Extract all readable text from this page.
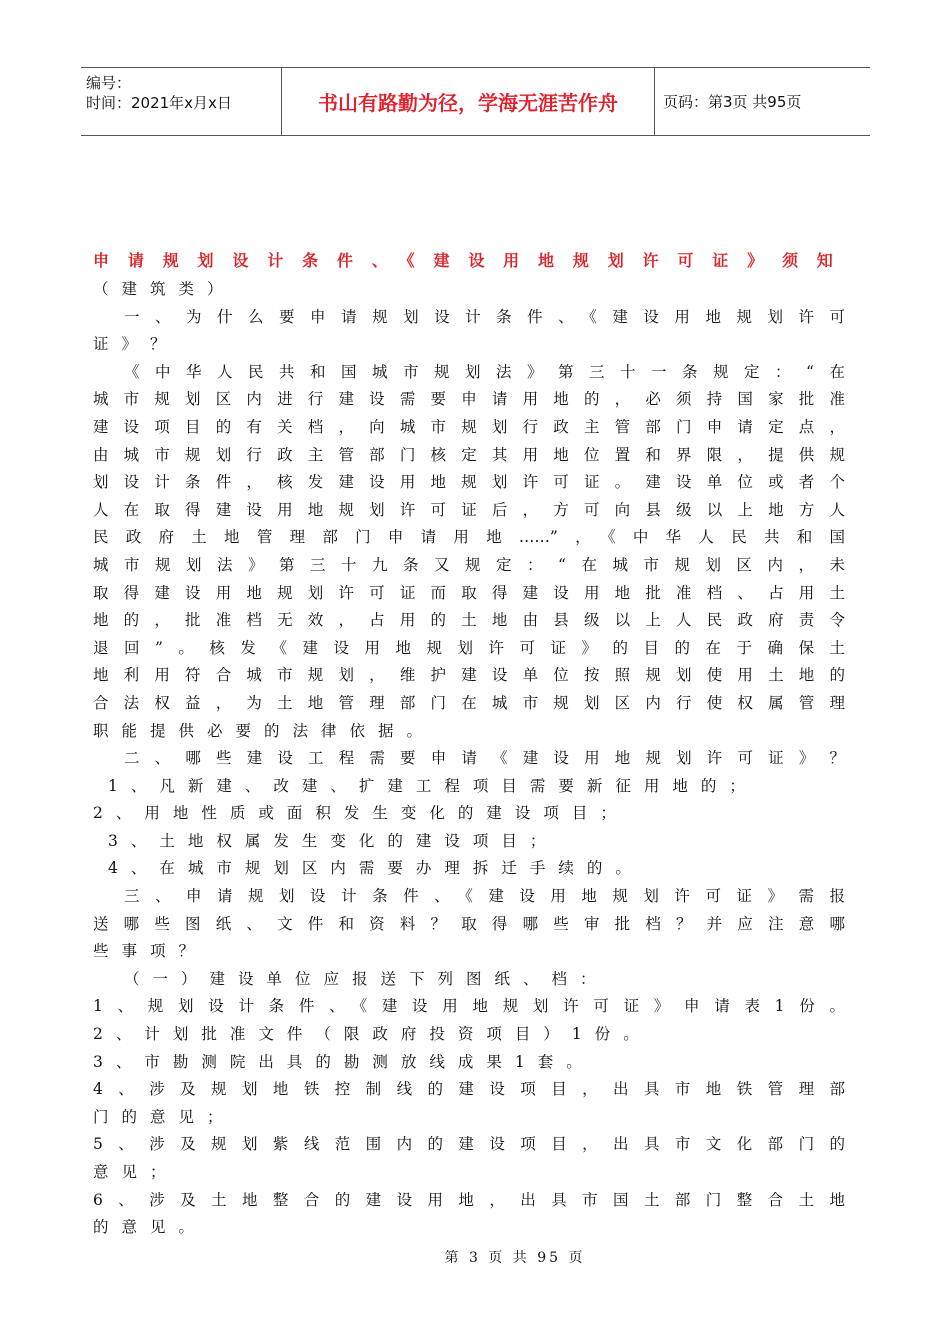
编号：
时间：2021年x月x日	书山有路勤为径，学海无涯苦作舟	页码：第3页 共95页
申请规划设计条件、《建设用地规划许可证》须知
（建筑类）
一、为什么要申请规划设计条件、《建设用地规划许可
证》？
《中华人民共和国城市规划法》第三十一条规定：“在
城市规划区内进行建设需要申请用地的，必须持国家批准
建设项目的有关档，向城市规划行政主管部门申请定点，
由城市规划行政主管部门核定其用地位置和界限，提供规
划设计条件，核发建设用地规划许可证。建设单位或者个
人在取得建设用地规划许可证后，方可向县级以上地方人
民政府土地管理部门申请用地……”，《中华人民共和国
城市规划法》第三十九条又规定：“在城市规划区内，未
取得建设用地规划许可证而取得建设用地批准档、占用土
地的，批准档无效，占用的土地由县级以上人民政府责令
退回”。核发《建设用地规划许可证》的目的在于确保土
地利用符合城市规划，维护建设单位按照规划使用土地的
合法权益，为土地管理部门在城市规划区内行使权属管理
职能提供必要的法律依据。
二、哪些建设工程需要申请《建设用地规划许可证》？
1、凡新建、改建、扩建工程项目需要新征用地的；
2、用地性质或面积发生变化的建设项目；
3、土地权属发生变化的建设项目；
4、在城市规划区内需要办理拆迁手续的。
三、申请规划设计条件、《建设用地规划许可证》需报
送哪些图纸、文件和资料？取得哪些审批档？并应注意哪
些事项？
（一）建设单位应报送下列图纸、档：
1、规划设计条件、《建设用地规划许可证》申请表1份。
2、计划批准文件（限政府投资项目）1份。
3、市勘测院出具的勘测放线成果1套。
4、涉及规划地铁控制线的建设项目，出具市地铁管理部
门的意见；
5、涉及规划紫线范围内的建设项目，出具市文化部门的
意见；
6、涉及土地整合的建设用地，出具市国土部门整合土地
的意见。
第 3 页 共 95 页
